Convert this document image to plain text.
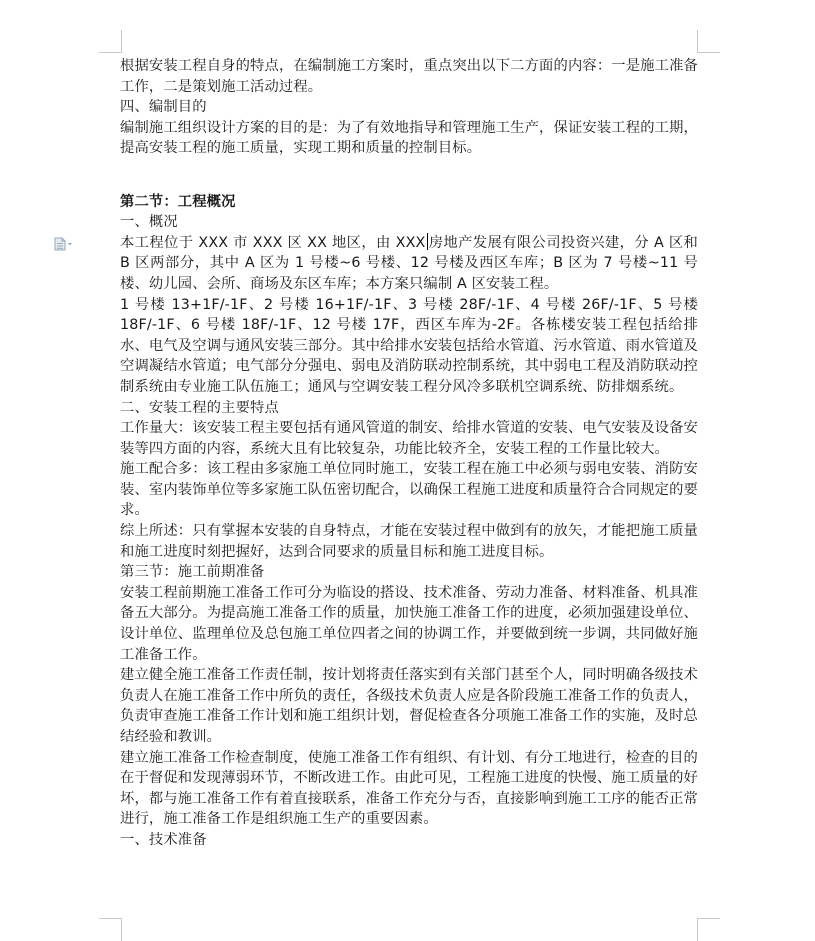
根据安装工程自身的特点，在编制施工方案时，重点突出以下二方面的内容：一是施工准备工作，二是策划施工活动过程。

四、编制目的

编制施工组织设计方案的目的是：为了有效地指导和管理施工生产，保证安装工程的工期，提高安装工程的施工质量，实现工期和质量的控制目标。

第二节：工程概况

一、概况

本工程位于 XXX 市 XXX 区 XX 地区，由 XXX 房地产发展有限公司投资兴建，分 A 区和 B 区两部分，其中 A 区为 1 号楼~6 号楼、12 号楼及西区车库；B 区为 7 号楼~11 号楼、幼儿园、会所、商场及东区车库；本方案只编制 A 区安装工程。

1 号楼 13+1F/-1F、2 号楼 16+1F/-1F、3 号楼 28F/-1F、4 号楼 26F/-1F、5 号楼 18F/-1F、6 号楼 18F/-1F、12 号楼 17F，西区车库为-2F。各栋楼安装工程包括给排水、电气及空调与通风安装三部分。其中给排水安装包括给水管道、污水管道、雨水管道及空调凝结水管道；电气部分分强电、弱电及消防联动控制系统，其中弱电工程及消防联动控制系统由专业施工队伍施工；通风与空调安装工程分风冷多联机空调系统、防排烟系统。

二、安装工程的主要特点

工作量大：该安装工程主要包括有通风管道的制安、给排水管道的安装、电气安装及设备安装等四方面的内容，系统大且有比较复杂，功能比较齐全，安装工程的工作量比较大。

施工配合多：该工程由多家施工单位同时施工，安装工程在施工中必须与弱电安装、消防安装、室内装饰单位等多家施工队伍密切配合，以确保工程施工进度和质量符合合同规定的要求。

综上所述：只有掌握本安装的自身特点，才能在安装过程中做到有的放矢，才能把施工质量和施工进度时刻把握好，达到合同要求的质量目标和施工进度目标。

第三节：施工前期准备

安装工程前期施工准备工作可分为临设的搭设、技术准备、劳动力准备、材料准备、机具准备五大部分。为提高施工准备工作的质量，加快施工准备工作的进度，必须加强建设单位、设计单位、监理单位及总包施工单位四者之间的协调工作，并要做到统一步调，共同做好施工准备工作。

建立健全施工准备工作责任制，按计划将责任落实到有关部门甚至个人，同时明确各级技术负责人在施工准备工作中所负的责任，各级技术负责人应是各阶段施工准备工作的负责人，负责审查施工准备工作计划和施工组织计划，督促检查各分项施工准备工作的实施，及时总结经验和教训。

建立施工准备工作检查制度，使施工准备工作有组织、有计划、有分工地进行，检查的目的在于督促和发现薄弱环节，不断改进工作。由此可见，工程施工进度的快慢、施工质量的好坏，都与施工准备工作有着直接联系，准备工作充分与否，直接影响到施工工序的能否正常进行，施工准备工作是组织施工生产的重要因素。

一、技术准备
